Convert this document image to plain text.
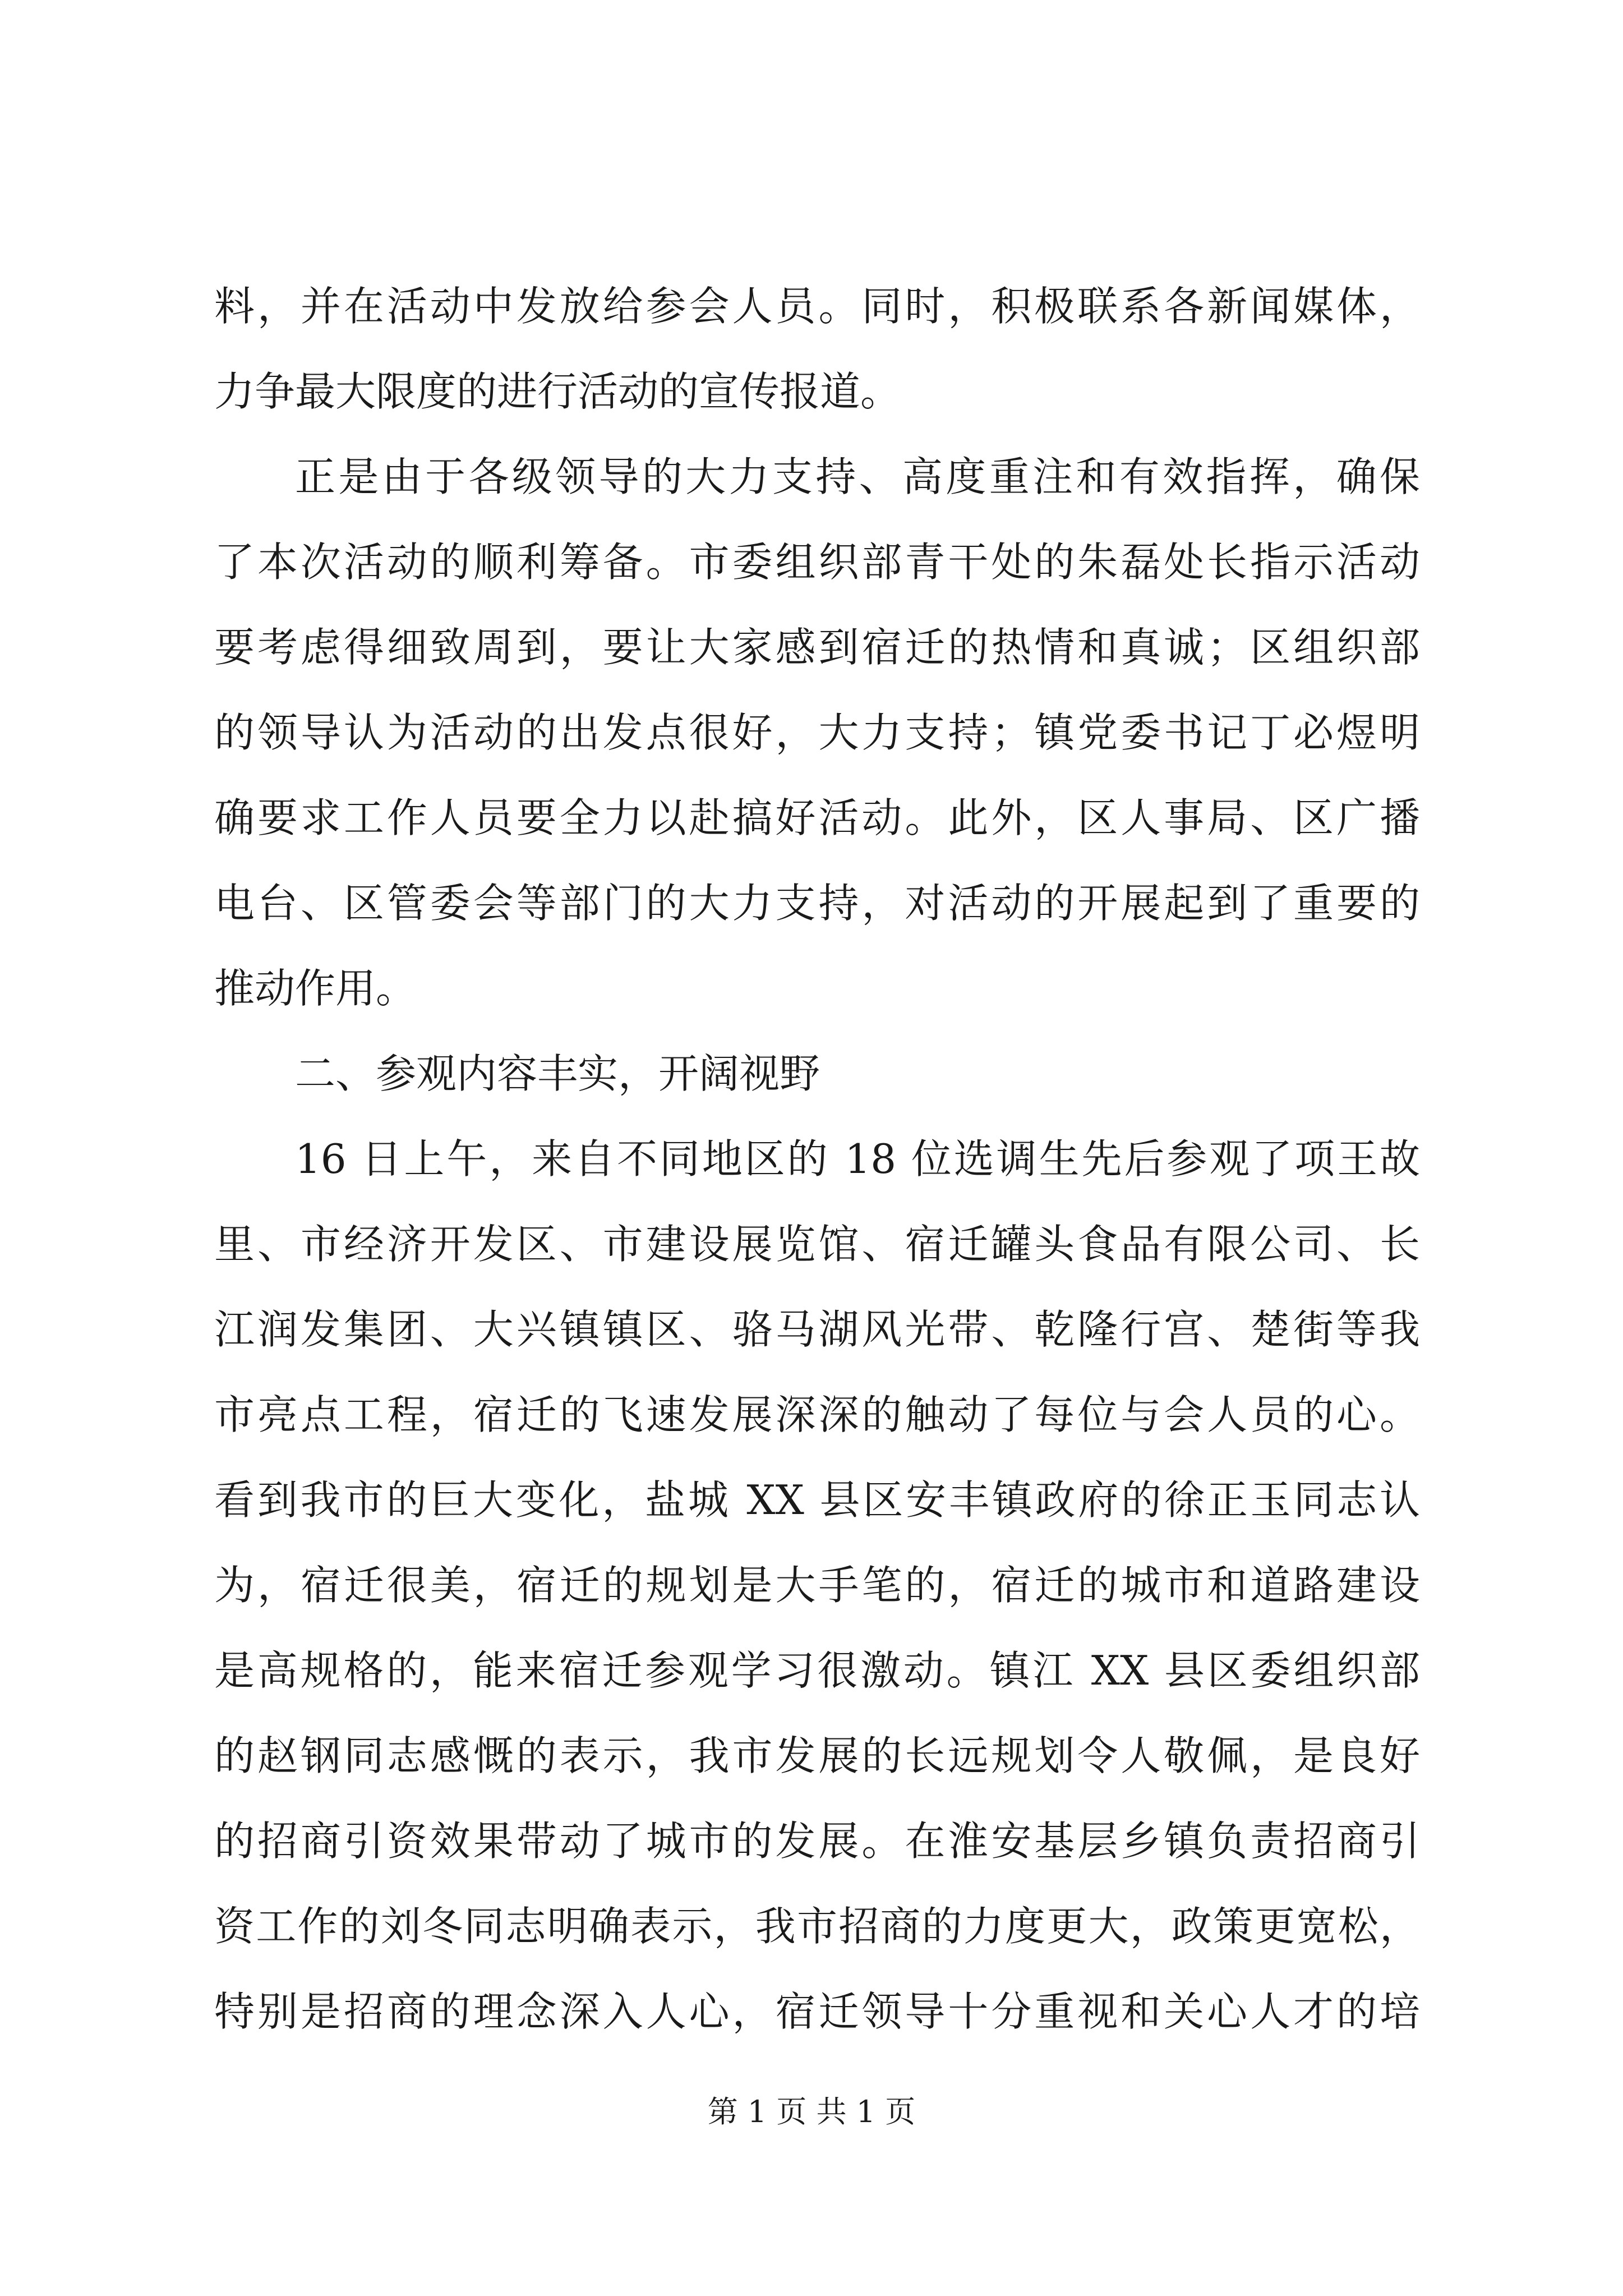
料，并在活动中发放给参会人员。同时，积极联系各新闻媒体，
力争最大限度的进行活动的宣传报道。
正是由于各级领导的大力支持、高度重注和有效指挥，确保
了本次活动的顺利筹备。市委组织部青干处的朱磊处长指示活动
要考虑得细致周到，要让大家感到宿迁的热情和真诚；区组织部
的领导认为活动的出发点很好，大力支持；镇党委书记丁必煜明
确要求工作人员要全力以赴搞好活动。此外，区人事局、区广播
电台、区管委会等部门的大力支持，对活动的开展起到了重要的
推动作用。
二、参观内容丰实，开阔视野
16 日上午，来自不同地区的 18 位选调生先后参观了项王故
里、市经济开发区、市建设展览馆、宿迁罐头食品有限公司、长
江润发集团、大兴镇镇区、骆马湖风光带、乾隆行宫、楚街等我
市亮点工程，宿迁的飞速发展深深的触动了每位与会人员的心。
看到我市的巨大变化，盐城 XX 县区安丰镇政府的徐正玉同志认
为，宿迁很美，宿迁的规划是大手笔的，宿迁的城市和道路建设
是高规格的，能来宿迁参观学习很激动。镇江 XX 县区委组织部
的赵钢同志感慨的表示，我市发展的长远规划令人敬佩，是良好
的招商引资效果带动了城市的发展。在淮安基层乡镇负责招商引
资工作的刘冬同志明确表示，我市招商的力度更大，政策更宽松，
特别是招商的理念深入人心，宿迁领导十分重视和关心人才的培
第 1 页 共 1 页
